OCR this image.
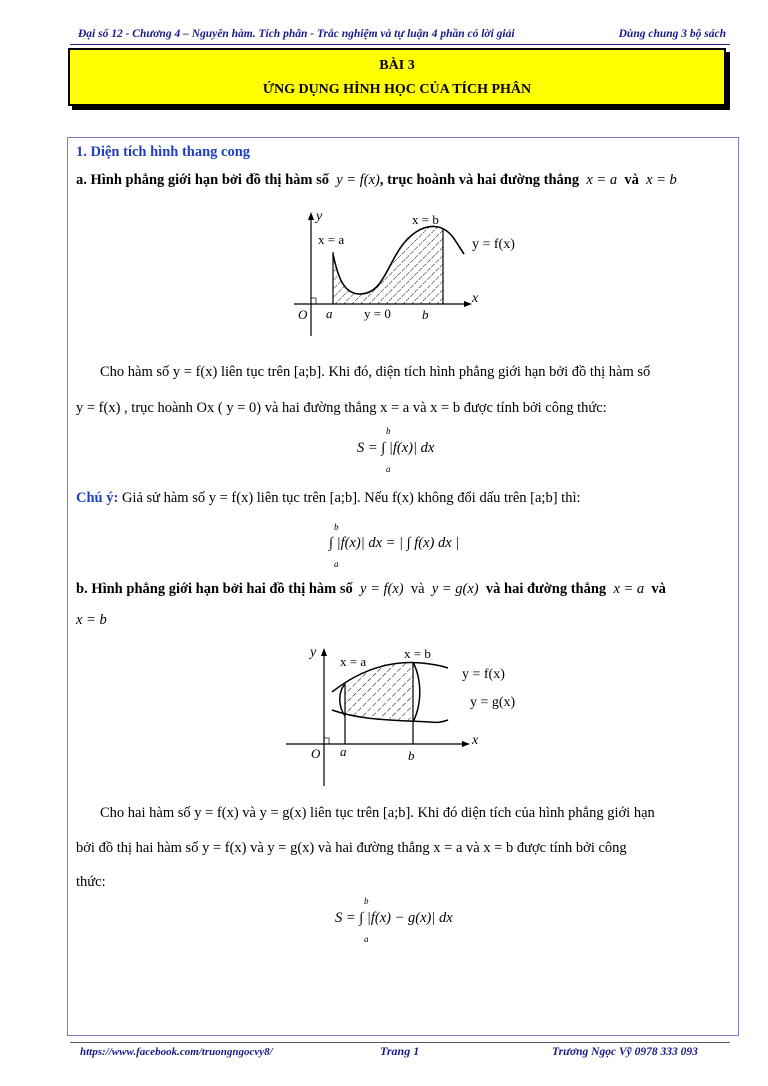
Đại số 12 - Chương 4 – Nguyên hàm. Tích phân - Trắc nghiệm và tự luận 4 phần có lời giải	Dùng chung 3 bộ sách
BÀI 3
ỨNG DỤNG HÌNH HỌC CỦA TÍCH PHÂN
1. Diện tích hình thang cong
a. Hình phẳng giới hạn bởi đồ thị hàm số y = f(x), trục hoành và hai đường thẳng x = a và x = b
y
x
O a	b
x = a
x = b
y = 0
y = f(x)
Cho hàm số y = f(x) liên tục trên [a;b]. Khi đó, diện tích hình phẳng giới hạn bởi đồ thị hàm số
y = f(x) , trục hoành Ox ( y = 0) và hai đường thẳng x = a và x = b được tính bởi công thức:
S = ∫ |f(x)| dx
b
a
Chú ý: Giả sử hàm số y = f(x) liên tục trên [a;b]. Nếu f(x) không đổi dấu trên [a;b] thì:
∫ |f(x)| dx = | ∫ f(x) dx |
b
a
b. Hình phẳng giới hạn bởi hai đồ thị hàm số y = f(x) và y = g(x) và hai đường thẳng x = a và
x = b
y
x
O a	b
x = a
x = b
y = f(x)
y = g(x)
Cho hai hàm số y = f(x) và y = g(x) liên tục trên [a;b]. Khi đó diện tích của hình phẳng giới hạn
bởi đồ thị hai hàm số y = f(x) và y = g(x) và hai đường thẳng x = a và x = b được tính bởi công
thức:
S = ∫ |f(x) − g(x)| dx
b
a
https://www.facebook.com/truongngocvy8/	Trang 1	Trương Ngọc Vỹ 0978 333 093
